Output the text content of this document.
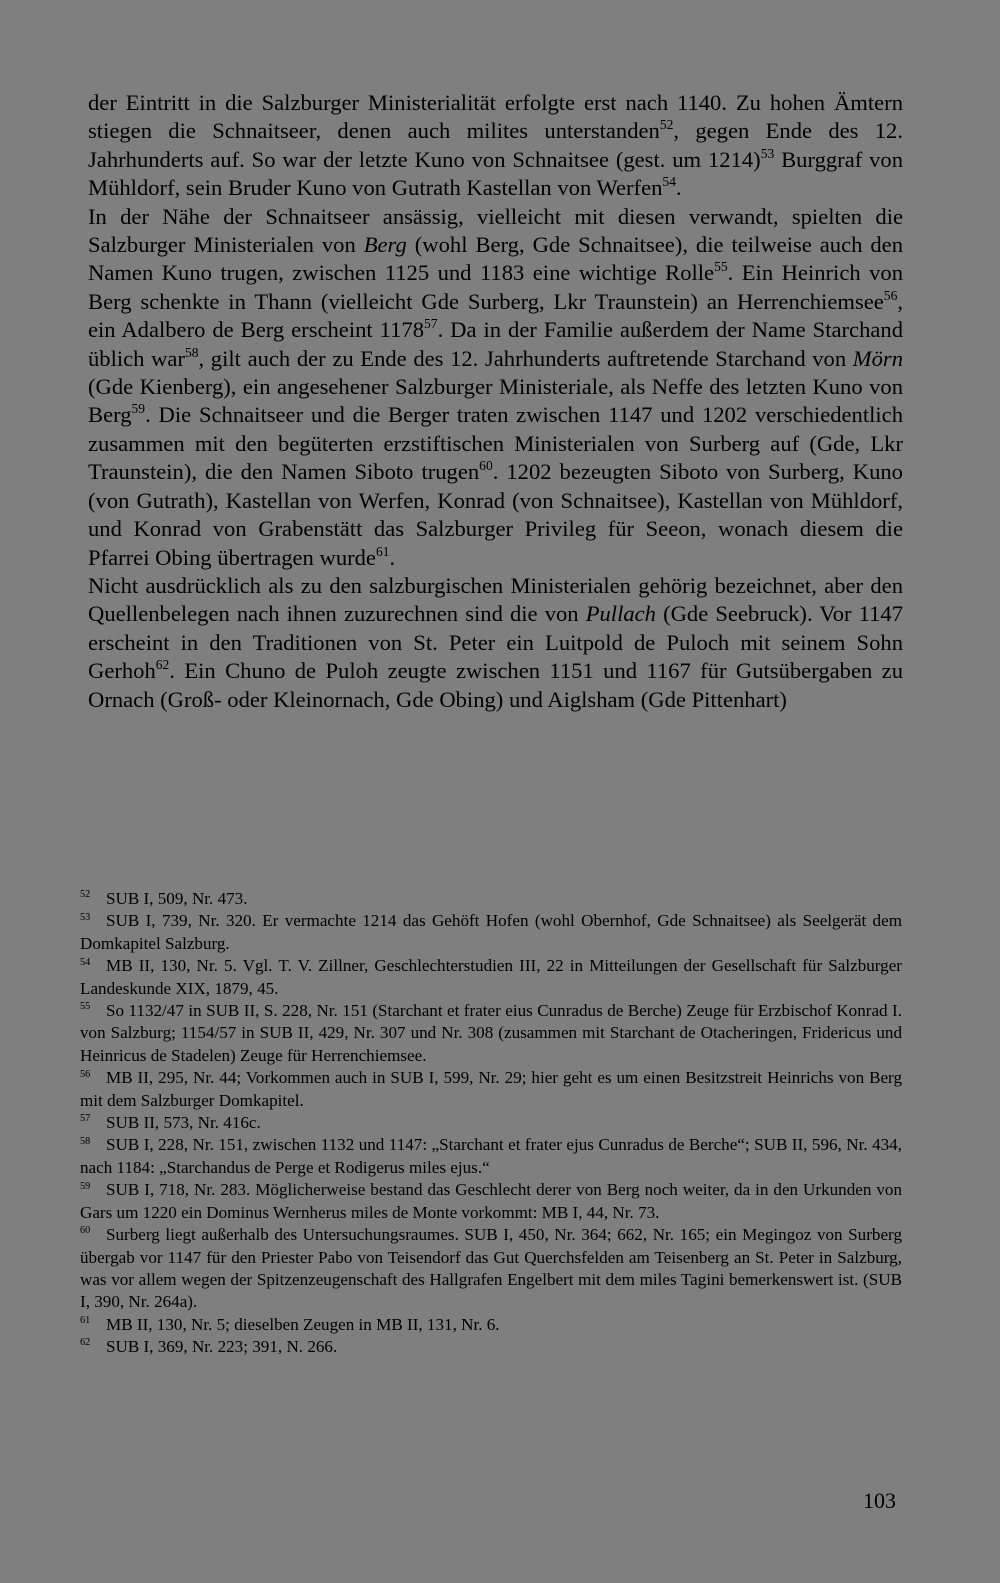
der Eintritt in die Salzburger Ministerialität erfolgte erst nach 1140. Zu hohen Ämtern stiegen die Schnaitseer, denen auch milites unterstanden$^{52}$, gegen Ende des 12. Jahrhunderts auf. So war der letzte Kuno von Schnaitsee (gest. um 1214)$^{53}$ Burggraf von Mühldorf, sein Bruder Kuno von Gutrath Kastellan von Werfen$^{54}$.

In der Nähe der Schnaitseer ansässig, vielleicht mit diesen verwandt, spielten die Salzburger Ministerialen von Berg (wohl Berg, Gde Schnaitsee), die teilweise auch den Namen Kuno trugen, zwischen 1125 und 1183 eine wichtige Rolle$^{55}$. Ein Heinrich von Berg schenkte in Thann (vielleicht Gde Surberg, Lkr Traunstein) an Herrenchiemsee$^{56}$, ein Adalbero de Berg erscheint 1178$^{57}$. Da in der Familie außerdem der Name Starchand üblich war$^{58}$, gilt auch der zu Ende des 12. Jahrhunderts auftretende Starchand von Mörn (Gde Kienberg), ein angesehener Salzburger Ministeriale, als Neffe des letzten Kuno von Berg$^{59}$. Die Schnaitseer und die Berger traten zwischen 1147 und 1202 verschiedentlich zusammen mit den begüterten erzstiftischen Ministerialen von Surberg auf (Gde, Lkr Traunstein), die den Namen Siboto trugen$^{60}$. 1202 bezeugten Siboto von Surberg, Kuno (von Gutrath), Kastellan von Werfen, Konrad (von Schnaitsee), Kastellan von Mühldorf, und Konrad von Grabenstätt das Salzburger Privileg für Seeon, wonach diesem die Pfarrei Obing übertragen wurde$^{61}$.

Nicht ausdrücklich als zu den salzburgischen Ministerialen gehörig bezeichnet, aber den Quellenbelegen nach ihnen zuzurechnen sind die von Pullach (Gde Seebruck). Vor 1147 erscheint in den Traditionen von St. Peter ein Luitpold de Puloch mit seinem Sohn Gerhoh$^{62}$. Ein Chuno de Puloh zeugte zwischen 1151 und 1167 für Gutsübergaben zu Ornach (Groß- oder Kleinornach, Gde Obing) und Aiglsham (Gde Pittenhart)

$^{52}$ SUB I, 509, Nr. 473.

$^{53}$ SUB I, 739, Nr. 320. Er vermachte 1214 das Gehöft Hofen (wohl Obernhof, Gde Schnaitsee) als Seelgerät dem Domkapitel Salzburg.

$^{54}$ MB II, 130, Nr. 5. Vgl. T. V. Zillner, Geschlechterstudien III, 22 in Mitteilungen der Gesellschaft für Salzburger Landeskunde XIX, 1879, 45.

$^{55}$ So 1132/47 in SUB II, S. 228, Nr. 151 (Starchant et frater eius Cunradus de Berche) Zeuge für Erzbischof Konrad I. von Salzburg; 1154/57 in SUB II, 429, Nr. 307 und Nr. 308 (zusammen mit Starchant de Otacheringen, Fridericus und Heinricus de Stadelen) Zeuge für Herrenchiemsee.

$^{56}$ MB II, 295, Nr. 44; Vorkommen auch in SUB I, 599, Nr. 29; hier geht es um einen Besitzstreit Heinrichs von Berg mit dem Salzburger Domkapitel.

$^{57}$ SUB II, 573, Nr. 416c.

$^{58}$ SUB I, 228, Nr. 151, zwischen 1132 und 1147: „Starchant et frater ejus Cunradus de Berche“; SUB II, 596, Nr. 434, nach 1184: „Starchandus de Perge et Rodigerus miles ejus.“

$^{59}$ SUB I, 718, Nr. 283. Möglicherweise bestand das Geschlecht derer von Berg noch weiter, da in den Urkunden von Gars um 1220 ein Dominus Wernherus miles de Monte vorkommt: MB I, 44, Nr. 73.

$^{60}$ Surberg liegt außerhalb des Untersuchungsraumes. SUB I, 450, Nr. 364; 662, Nr. 165; ein Megingoz von Surberg übergab vor 1147 für den Priester Pabo von Teisendorf das Gut Querchsfelden am Teisenberg an St. Peter in Salzburg, was vor allem wegen der Spitzenzeugenschaft des Hallgrafen Engelbert mit dem miles Tagini bemerkenswert ist. (SUB I, 390, Nr. 264a).

$^{61}$ MB II, 130, Nr. 5; dieselben Zeugen in MB II, 131, Nr. 6.

$^{62}$ SUB I, 369, Nr. 223; 391, N. 266.

103
